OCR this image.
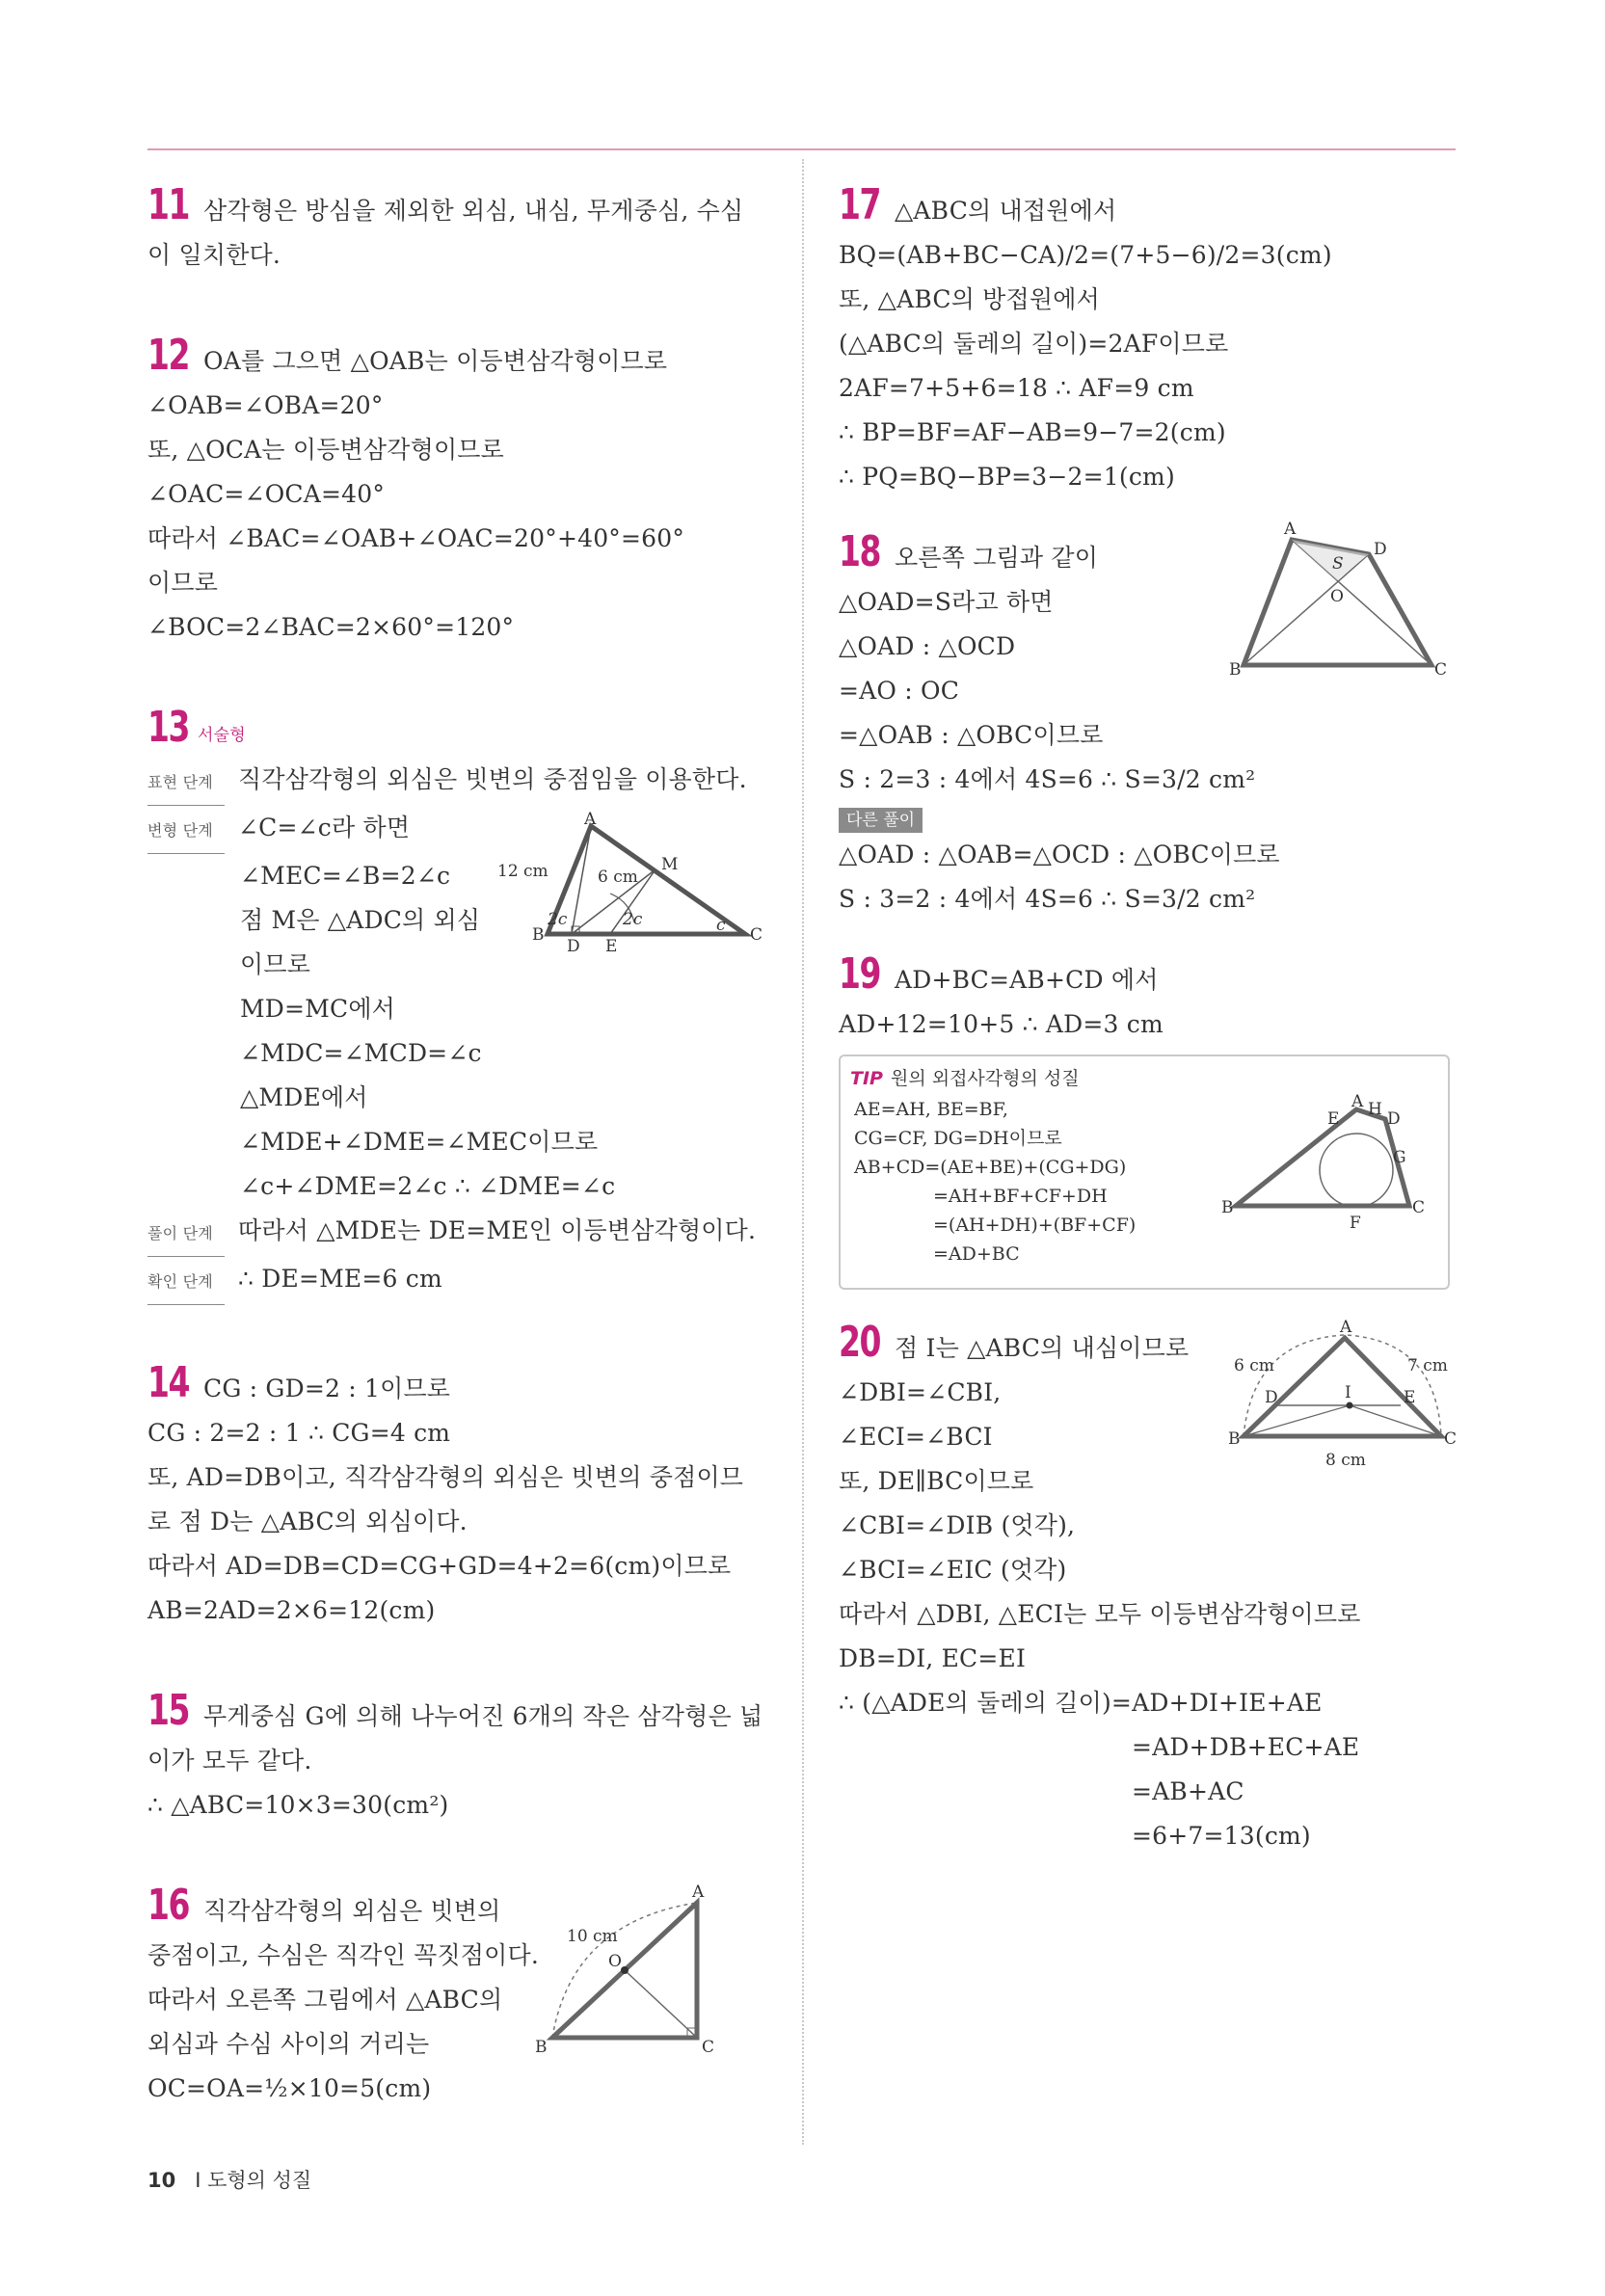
11 삼각형은 방심을 제외한 외심, 내심, 무게중심, 수심
이 일치한다.
12 OA를 그으면 △OAB는 이등변삼각형이므로
∠OAB=∠OBA=20°
또, △OCA는 이등변삼각형이므로
∠OAC=∠OCA=40°
따라서 ∠BAC=∠OAB+∠OAC=20°+40°=60°
이므로
∠BOC=2∠BAC=2×60°=120°
13 서술형
표현 단계 직각삼각형의 외심은 빗변의 중점임을 이용한다.
변형 단계 ∠C=∠c라 하면
∠MEC=∠B=2∠c
점 M은 △ADC의 외심
이므로
MD=MC에서
∠MDC=∠MCD=∠c
△MDE에서
∠MDE+∠DME=∠MEC이므로
∠c+∠DME=2∠c ∴ ∠DME=∠c
풀이 단계 따라서 △MDE는 DE=ME인 이등변삼각형이다.
확인 단계 ∴ DE=ME=6 cm
A
B	C
D E
M
12 cm	6 cm
2c	2c	c
14 CG : GD=2 : 1이므로
CG : 2=2 : 1 ∴ CG=4 cm
또, AD=DB이고, 직각삼각형의 외심은 빗변의 중점이므
로 점 D는 △ABC의 외심이다.
따라서 AD=DB=CD=CG+GD=4+2=6(cm)이므로
AB=2AD=2×6=12(cm)
15 무게중심 G에 의해 나누어진 6개의 작은 삼각형은 넓
이가 모두 같다.
∴ △ABC=10×3=30(cm²)
16 직각삼각형의 외심은 빗변의
중점이고, 수심은 직각인 꼭짓점이다.
따라서 오른쪽 그림에서 △ABC의
외심과 수심 사이의 거리는
OC=OA=½×10=5(cm)
A
B	C
O
10 cm
17 △ABC의 내접원에서
BQ=(AB+BC−CA)/2=(7+5−6)/2=3(cm)
또, △ABC의 방접원에서
(△ABC의 둘레의 길이)=2AF이므로
2AF=7+5+6=18 ∴ AF=9 cm
∴ BP=BF=AF−AB=9−7=2(cm)
∴ PQ=BQ−BP=3−2=1(cm)
18 오른쪽 그림과 같이
△OAD=S라고 하면
△OAD : △OCD
=AO : OC
=△OAB : △OBC이므로
S : 2=3 : 4에서 4S=6 ∴ S=3/2 cm²
다른 풀이
△OAD : △OAB=△OCD : △OBC이므로
S : 3=2 : 4에서 4S=6 ∴ S=3/2 cm²
A
D
B	C
O
S
19 AD+BC=AB+CD 에서
AD+12=10+5 ∴ AD=3 cm
TIP 원의 외접사각형의 성질
AE=AH, BE=BF,
CG=CF, DG=DH이므로
AB+CD=(AE+BE)+(CG+DG)
=AH+BF+CF+DH
=(AH+DH)+(BF+CF)
=AD+BC
A H D
E
G
B	C
F
20 점 I는 △ABC의 내심이므로
∠DBI=∠CBI,
∠ECI=∠BCI
또, DE∥BC이므로
∠CBI=∠DIB (엇각),
∠BCI=∠EIC (엇각)
따라서 △DBI, △ECI는 모두 이등변삼각형이므로
DB=DI, EC=EI
∴ (△ADE의 둘레의 길이)=AD+DI+IE+AE
=AD+DB+EC+AE
=AB+AC
=6+7=13(cm)
A
B	C
D	E
I
6 cm	7 cm
8 cm
10 Ⅰ 도형의 성질
